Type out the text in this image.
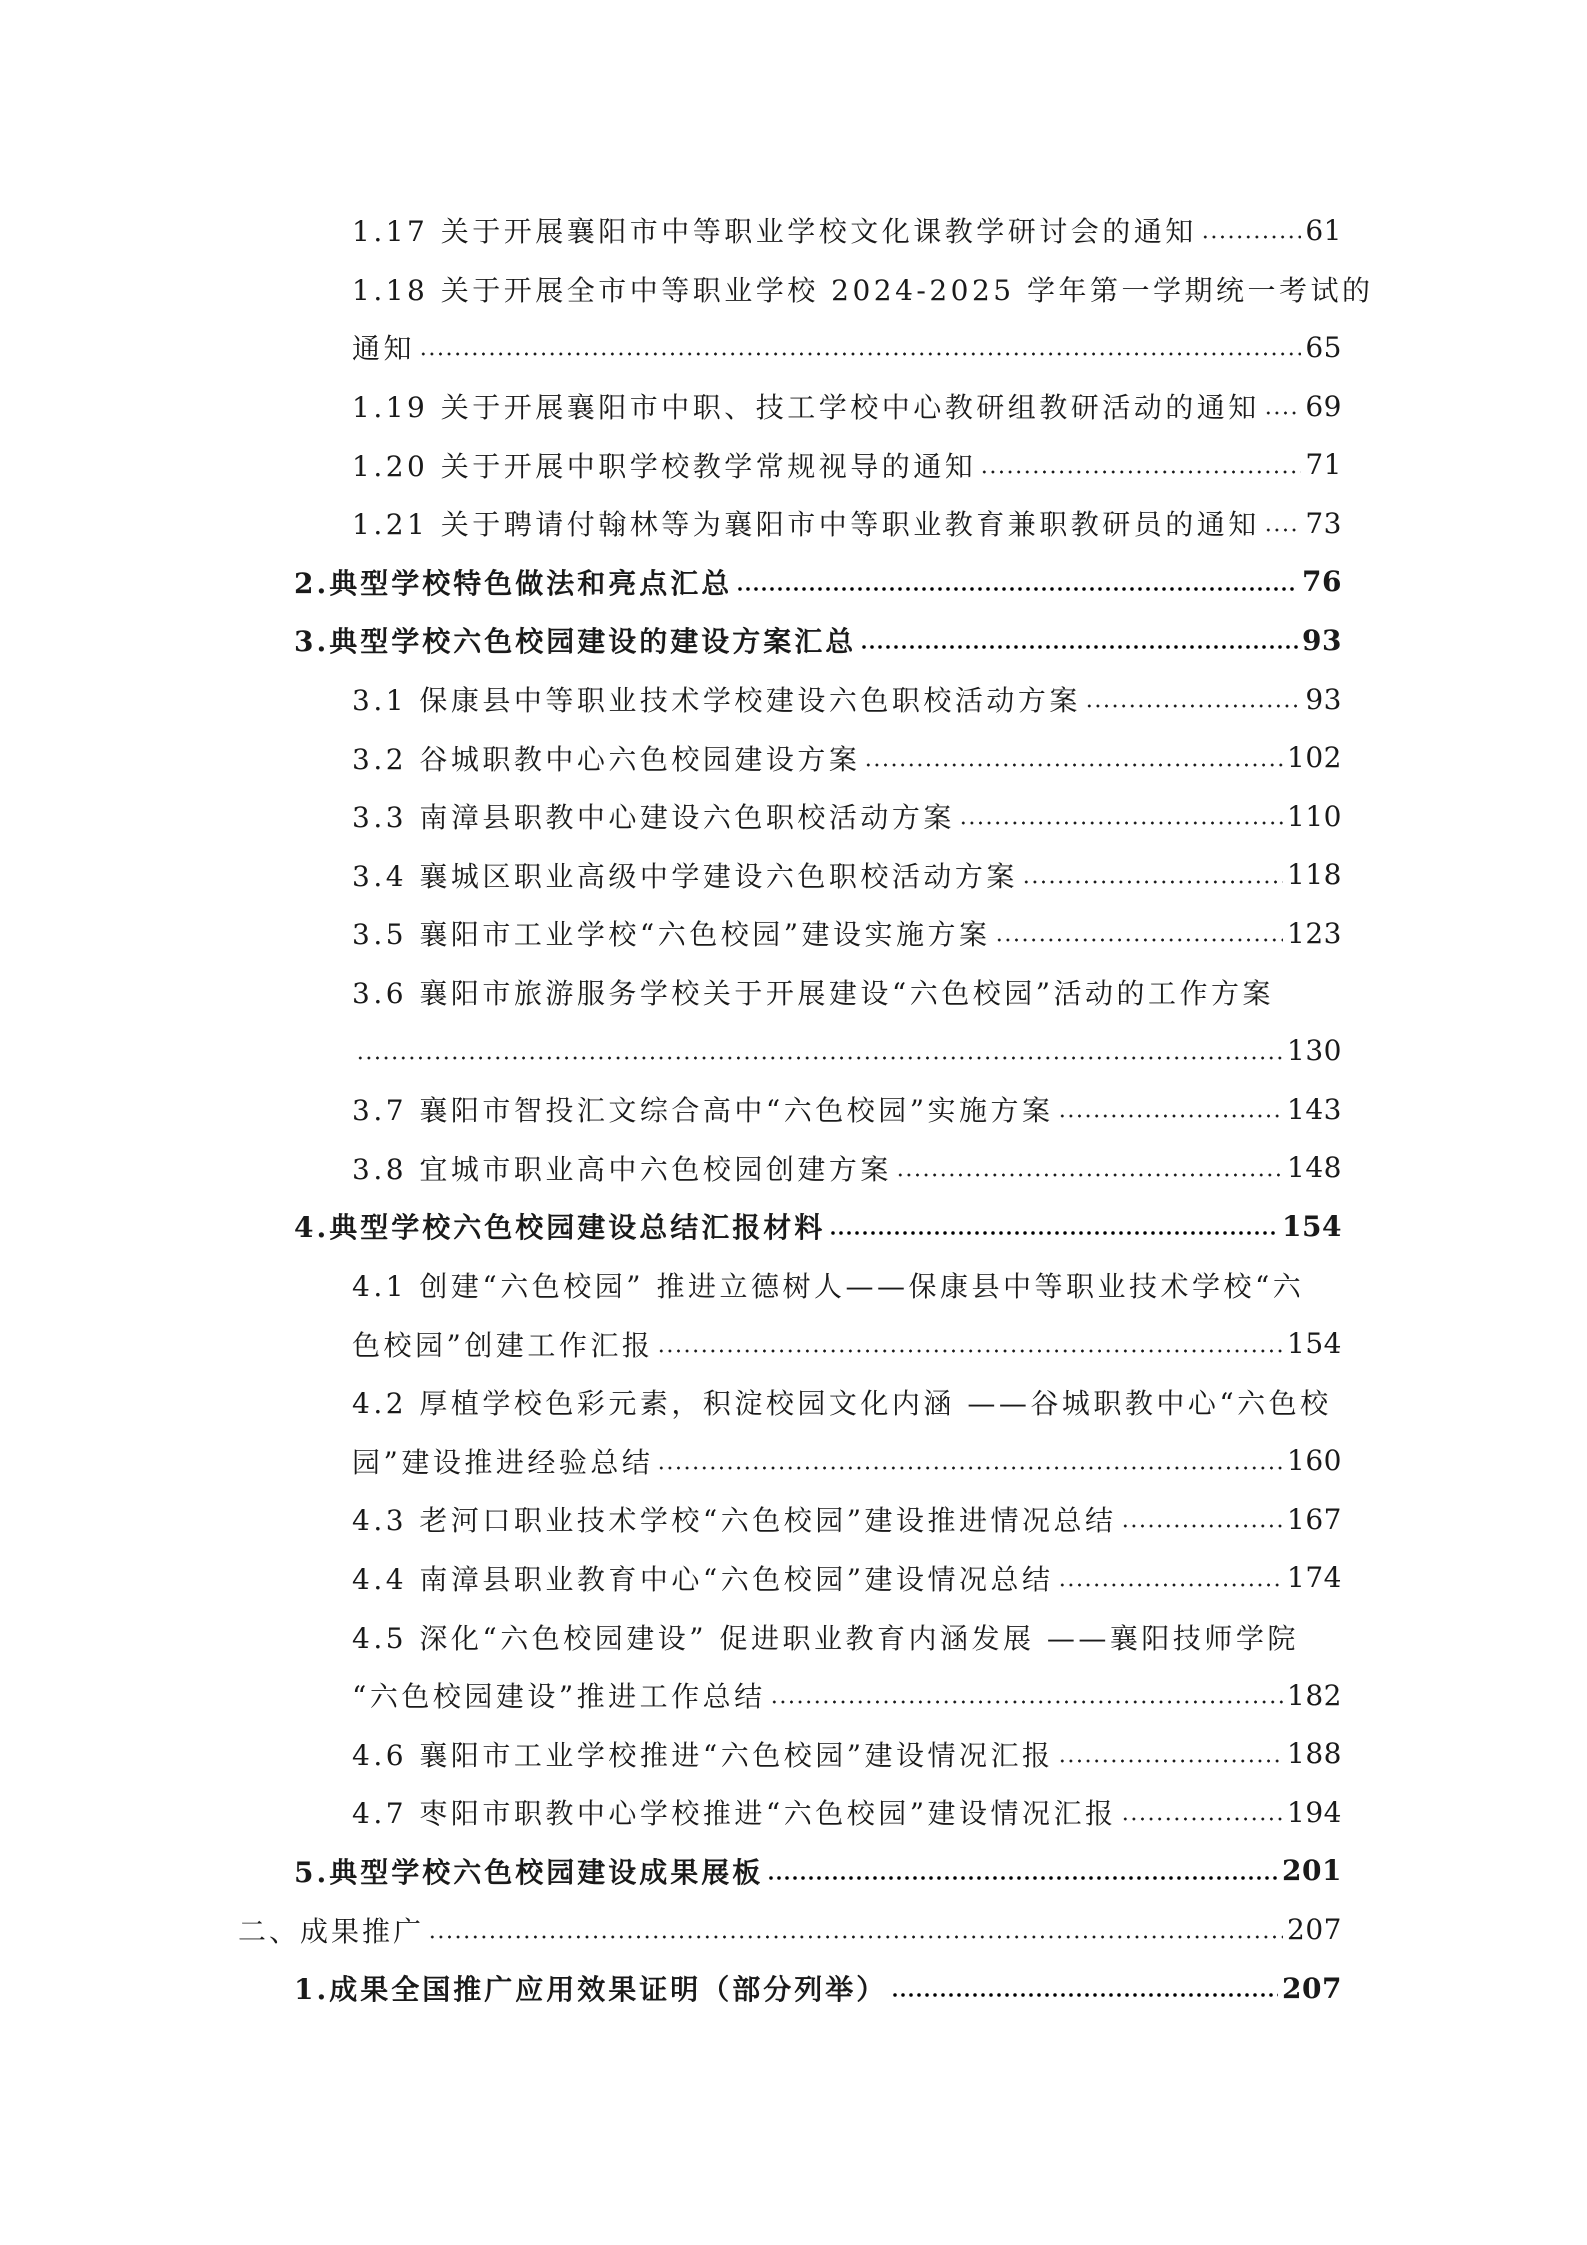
1.17 关于开展襄阳市中等职业学校文化课教学研讨会的通知	61
1.18 关于开展全市中等职业学校 2024-2025 学年第一学期统一考试的
通知	65
1.19 关于开展襄阳市中职、技工学校中心教研组教研活动的通知 69
1.20 关于开展中职学校教学常规视导的通知	71
1.21 关于聘请付翰林等为襄阳市中等职业教育兼职教研员的通知 73
2.典型学校特色做法和亮点汇总	76
3.典型学校六色校园建设的建设方案汇总	93
3.1 保康县中等职业技术学校建设六色职校活动方案	93
3.2 谷城职教中心六色校园建设方案	102
3.3 南漳县职教中心建设六色职校活动方案	110
3.4 襄城区职业高级中学建设六色职校活动方案	118
3.5 襄阳市工业学校“六色校园”建设实施方案	123
3.6 襄阳市旅游服务学校关于开展建设“六色校园”活动的工作方案
130
3.7 襄阳市智投汇文综合高中“六色校园”实施方案	143
3.8 宜城市职业高中六色校园创建方案	148
4.典型学校六色校园建设总结汇报材料	154
4.1 创建“六色校园” 推进立德树人——保康县中等职业技术学校“六
色校园”创建工作汇报	154
4.2 厚植学校色彩元素，积淀校园文化内涵 ——谷城职教中心“六色校
园”建设推进经验总结	160
4.3 老河口职业技术学校“六色校园”建设推进情况总结	167
4.4 南漳县职业教育中心“六色校园”建设情况总结	174
4.5 深化“六色校园建设” 促进职业教育内涵发展 ——襄阳技师学院
“六色校园建设”推进工作总结	182
4.6 襄阳市工业学校推进“六色校园”建设情况汇报	188
4.7 枣阳市职教中心学校推进“六色校园”建设情况汇报	194
5.典型学校六色校园建设成果展板	201
二、成果推广	207
1.成果全国推广应用效果证明（部分列举）	207
